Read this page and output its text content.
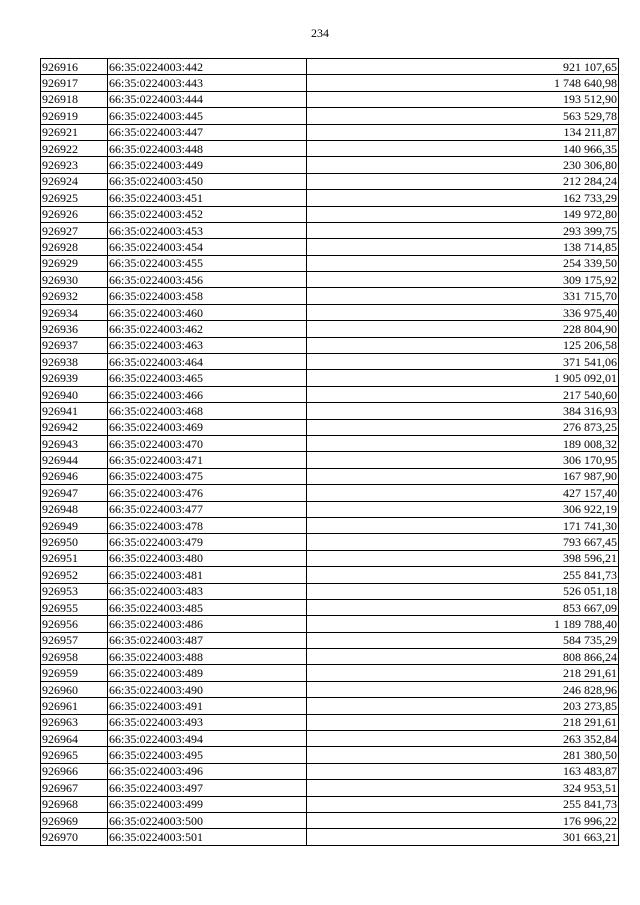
234
926916	66:35:0224003:442	921 107,65
926917	66:35:0224003:443	1 748 640,98
926918	66:35:0224003:444	193 512,90
926919	66:35:0224003:445	563 529,78
926921	66:35:0224003:447	134 211,87
926922	66:35:0224003:448	140 966,35
926923	66:35:0224003:449	230 306,80
926924	66:35:0224003:450	212 284,24
926925	66:35:0224003:451	162 733,29
926926	66:35:0224003:452	149 972,80
926927	66:35:0224003:453	293 399,75
926928	66:35:0224003:454	138 714,85
926929	66:35:0224003:455	254 339,50
926930	66:35:0224003:456	309 175,92
926932	66:35:0224003:458	331 715,70
926934	66:35:0224003:460	336 975,40
926936	66:35:0224003:462	228 804,90
926937	66:35:0224003:463	125 206,58
926938	66:35:0224003:464	371 541,06
926939	66:35:0224003:465	1 905 092,01
926940	66:35:0224003:466	217 540,60
926941	66:35:0224003:468	384 316,93
926942	66:35:0224003:469	276 873,25
926943	66:35:0224003:470	189 008,32
926944	66:35:0224003:471	306 170,95
926946	66:35:0224003:475	167 987,90
926947	66:35:0224003:476	427 157,40
926948	66:35:0224003:477	306 922,19
926949	66:35:0224003:478	171 741,30
926950	66:35:0224003:479	793 667,45
926951	66:35:0224003:480	398 596,21
926952	66:35:0224003:481	255 841,73
926953	66:35:0224003:483	526 051,18
926955	66:35:0224003:485	853 667,09
926956	66:35:0224003:486	1 189 788,40
926957	66:35:0224003:487	584 735,29
926958	66:35:0224003:488	808 866,24
926959	66:35:0224003:489	218 291,61
926960	66:35:0224003:490	246 828,96
926961	66:35:0224003:491	203 273,85
926963	66:35:0224003:493	218 291,61
926964	66:35:0224003:494	263 352,84
926965	66:35:0224003:495	281 380,50
926966	66:35:0224003:496	163 483,87
926967	66:35:0224003:497	324 953,51
926968	66:35:0224003:499	255 841,73
926969	66:35:0224003:500	176 996,22
926970	66:35:0224003:501	301 663,21
